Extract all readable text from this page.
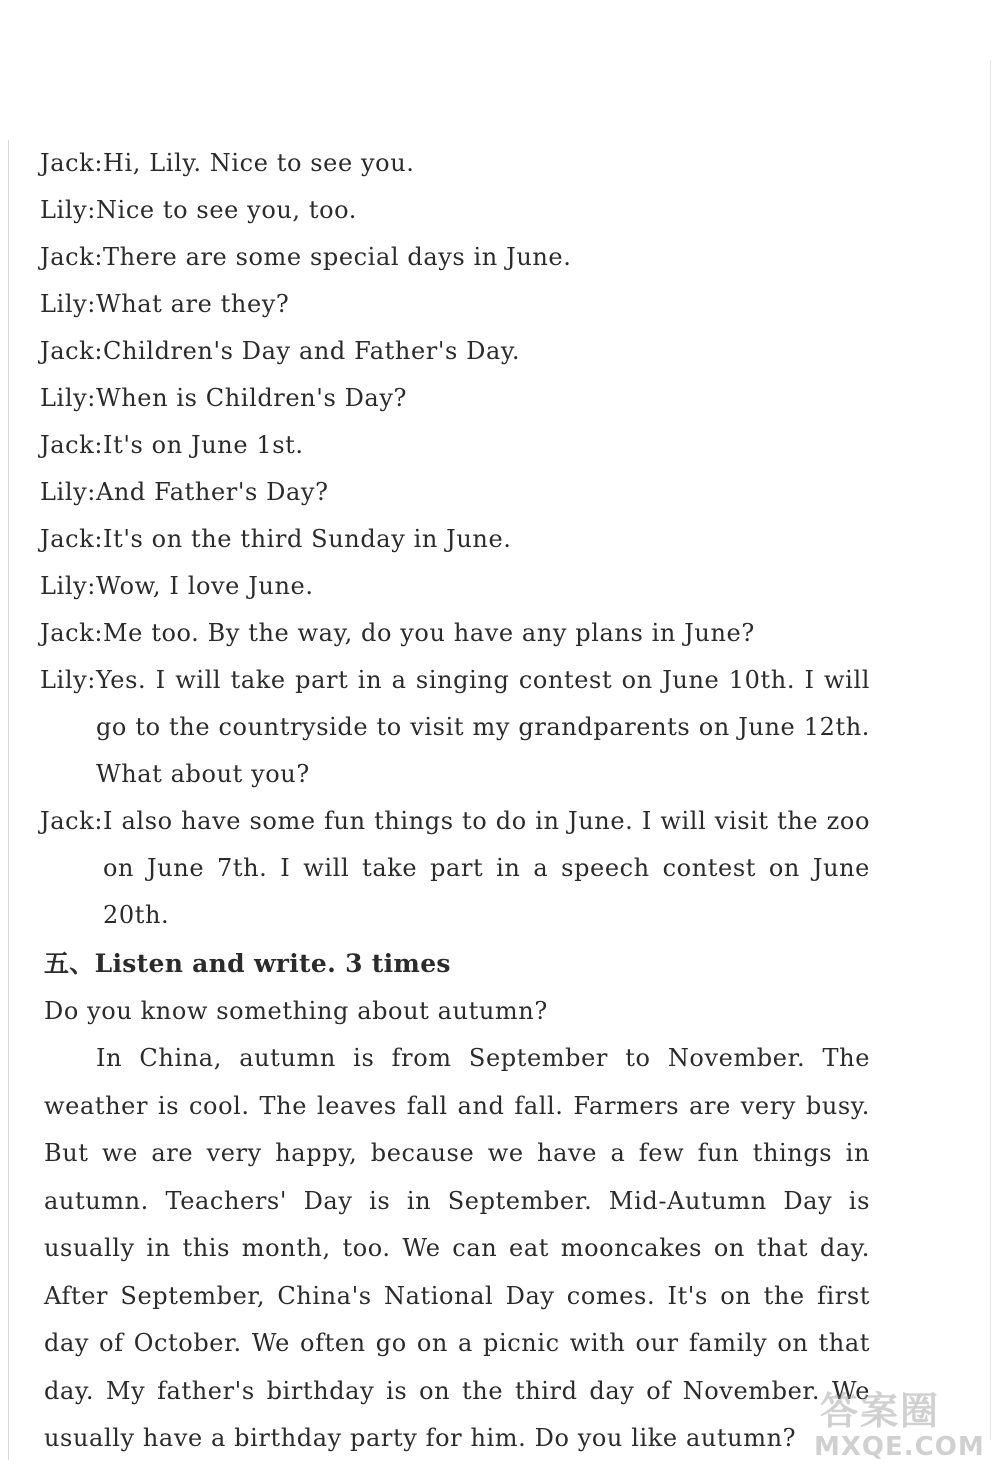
Jack: Hi, Lily. Nice to see you.
Lily: Nice to see you, too.
Jack: There are some special days in June.
Lily: What are they?
Jack: Children's Day and Father's Day.
Lily: When is Children's Day?
Jack: It's on June 1st.
Lily: And Father's Day?
Jack: It's on the third Sunday in June.
Lily: Wow, I love June.
Jack: Me too. By the way, do you have any plans in June?
Lily: Yes. I will take part in a singing contest on June 10th. I will go to the countryside to visit my grandparents on June 12th. What about you?
Jack: I also have some fun things to do in June. I will visit the zoo on June 7th. I will take part in a speech contest on June 20th.
五、Listen and write. 3 times
Do you know something about autumn?
In China, autumn is from September to November. The weather is cool. The leaves fall and fall. Farmers are very busy. But we are very happy, because we have a few fun things in autumn. Teachers' Day is in September. Mid-Autumn Day is usually in this month, too. We can eat mooncakes on that day. After September, China's National Day comes. It's on the first day of October. We often go on a picnic with our family on that day. My father's birthday is on the third day of November. We usually have a birthday party for him. Do you like autumn?
答案圈
MXQE.COM
